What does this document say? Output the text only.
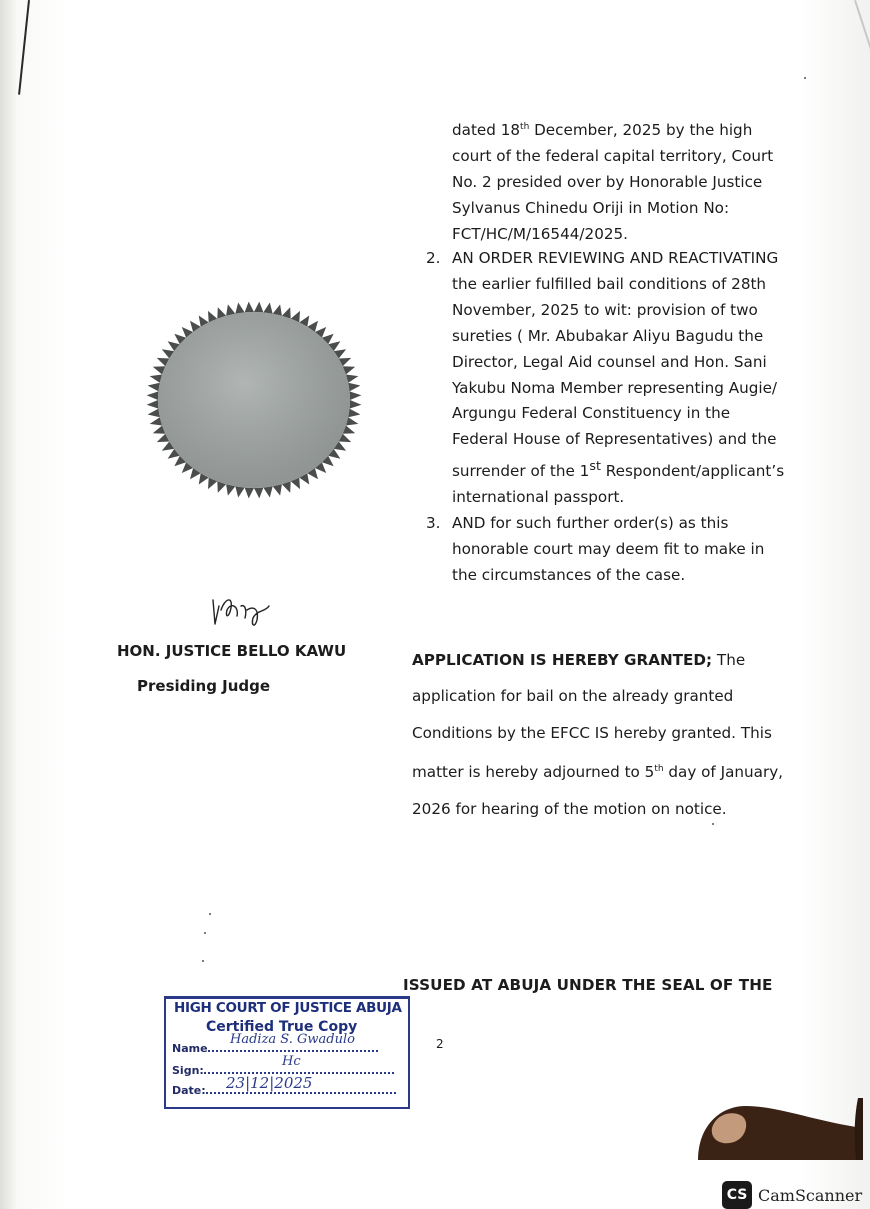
dated 18th December, 2025 by the high court of the federal capital territory, Court No. 2 presided over by Honorable Justice Sylvanus Chinedu Oriji in Motion No: FCT/HC/M/16544/2025.
2. AN ORDER REVIEWING AND REACTIVATING the earlier fulfilled bail conditions of 28th November, 2025 to wit: provision of two sureties ( Mr. Abubakar Aliyu Bagudu the Director, Legal Aid counsel and Hon. Sani Yakubu Noma Member representing Augie/ Argungu Federal Constituency in the Federal House of Representatives) and the surrender of the 1st Respondent/applicant’s international passport.
3. AND for such further order(s) as this honorable court may deem fit to make in the circumstances of the case.
HON. JUSTICE BELLO KAWU
Presiding Judge
APPLICATION IS HEREBY GRANTED; The application for bail on the already granted Conditions by the EFCC IS hereby granted. This matter is hereby adjourned to 5th day of January, 2026 for hearing of the motion on notice.
ISSUED AT ABUJA UNDER THE SEAL OF THE
2
HIGH COURT OF JUSTICE ABUJA
Certified True Copy
Name
Hadiza S. Gwadulo
Sign:
Hc
Date:	23|12|2025
CS CamScanner
